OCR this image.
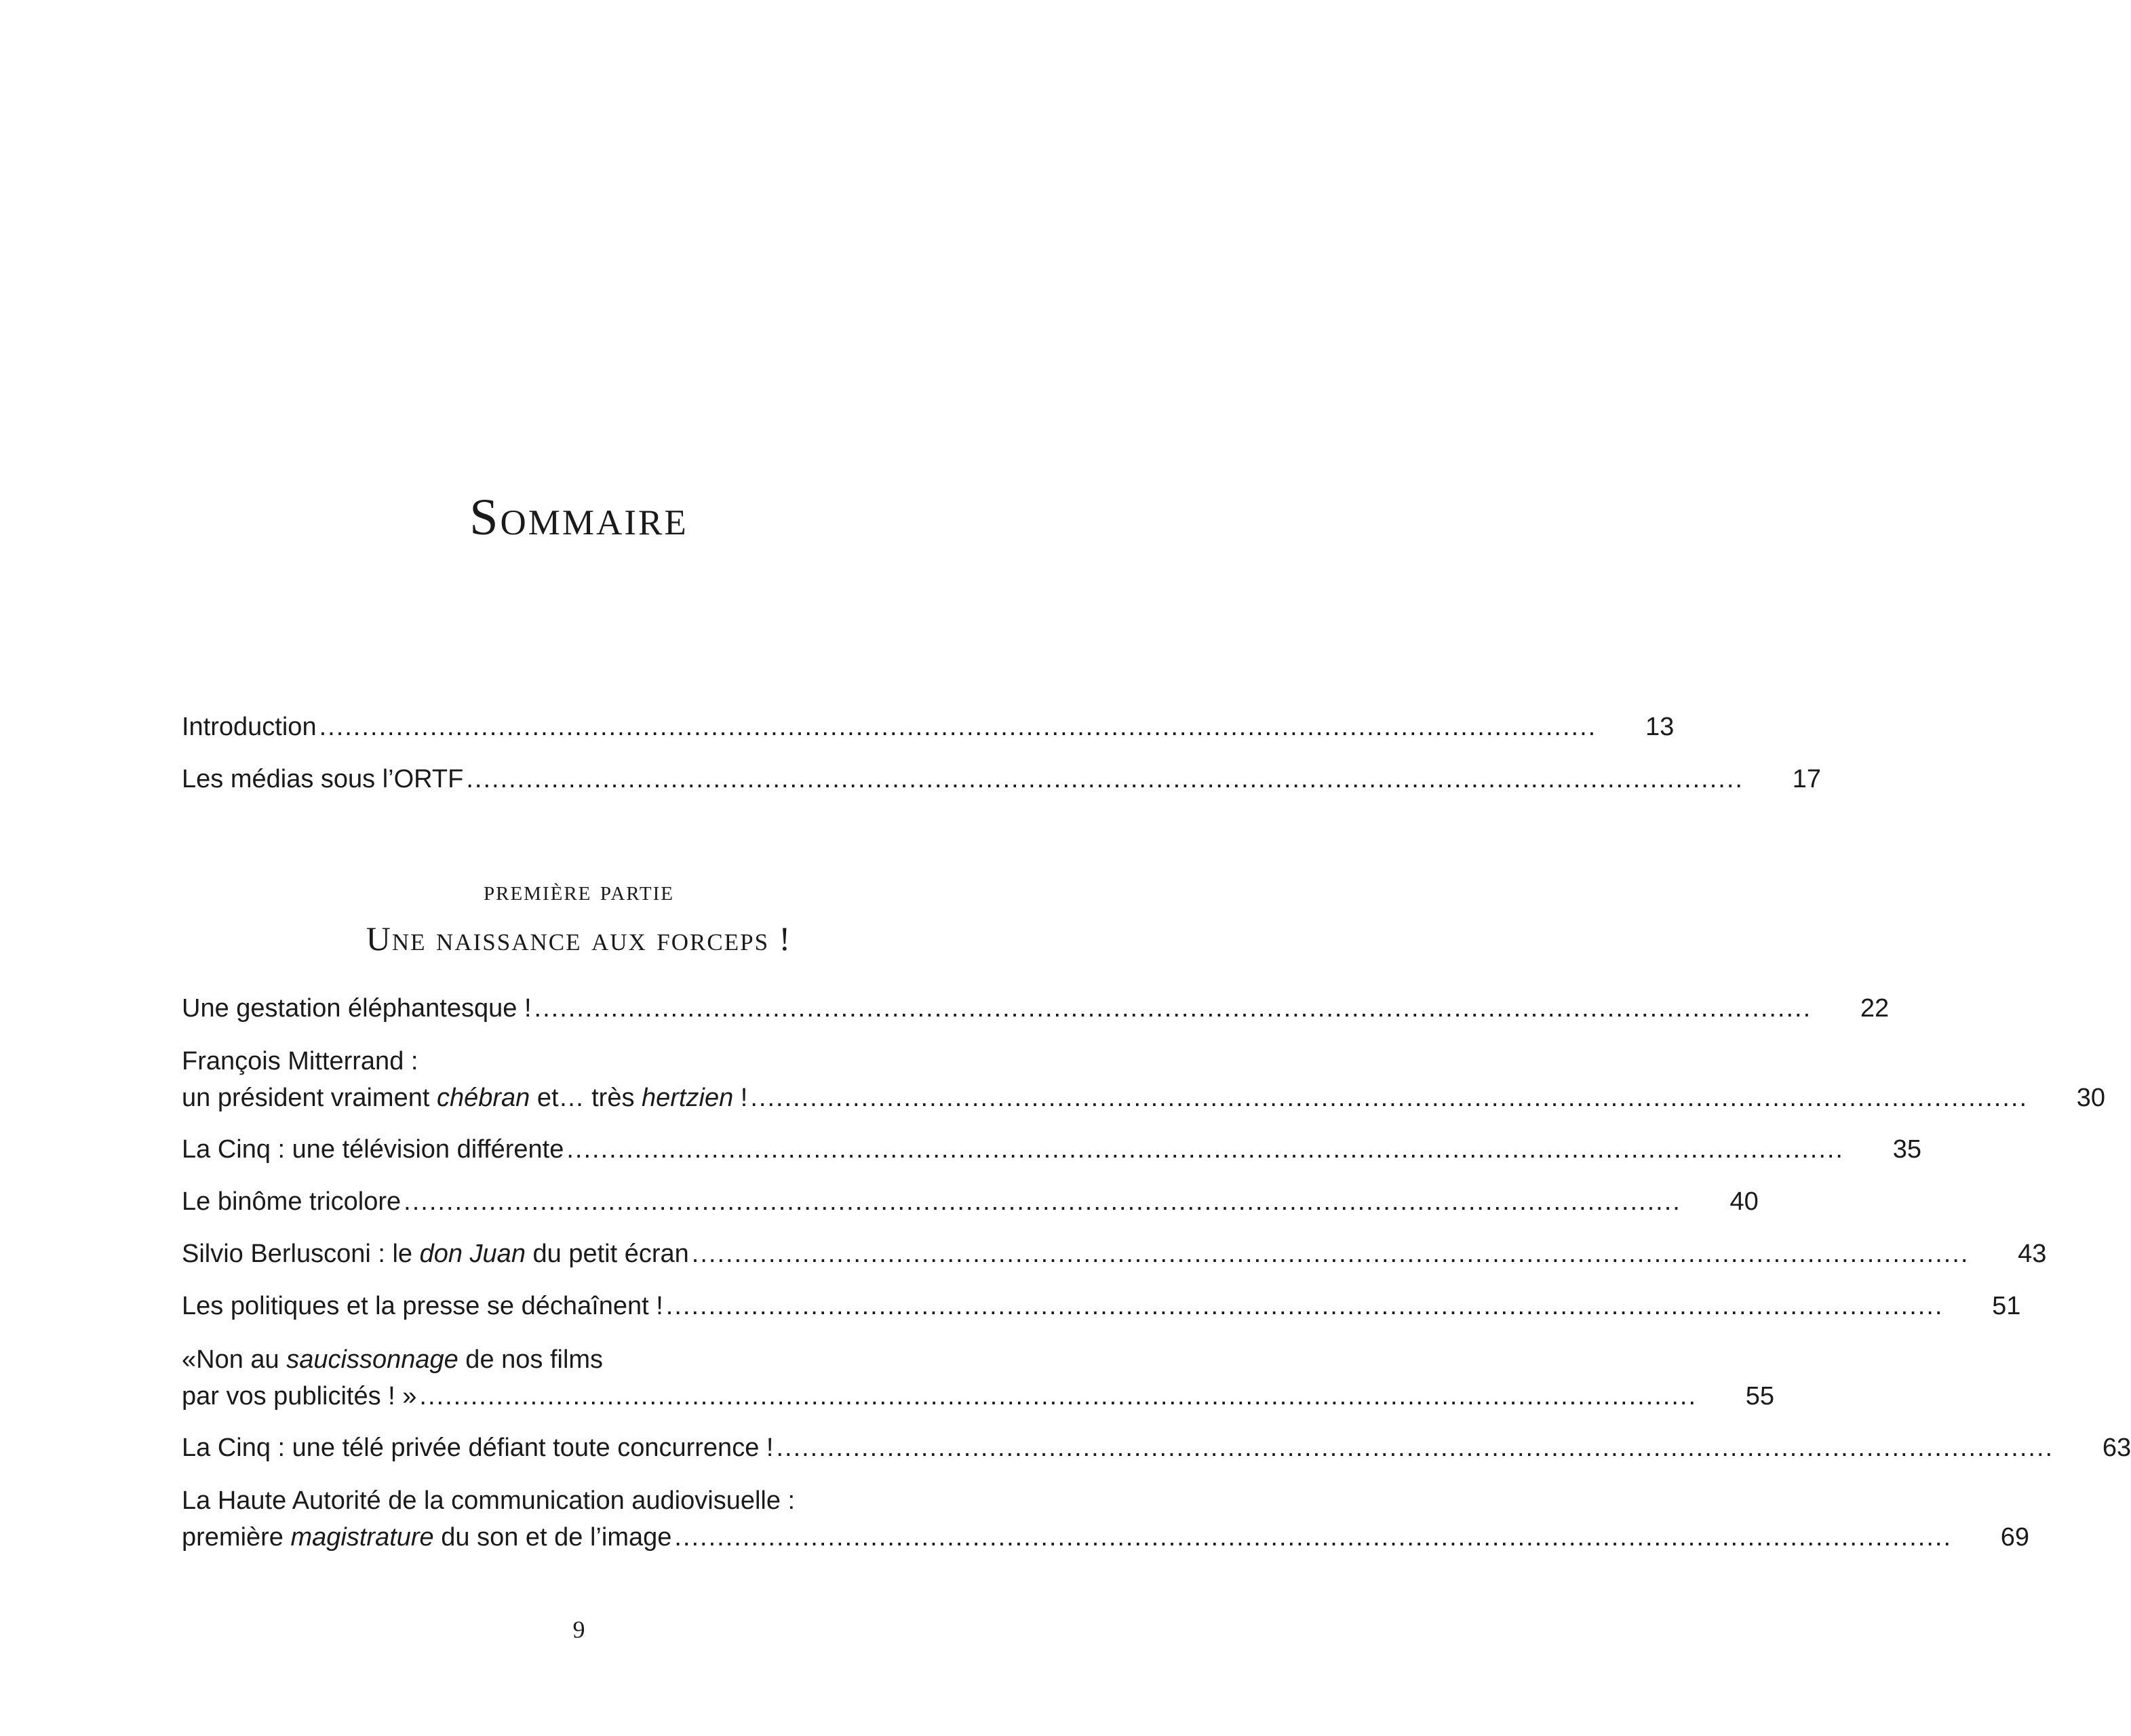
Sommaire
Introduction ......................................................................................................................................................	13
Les médias sous l’ORTF ......................................................................................................................................................	17
Une gestation éléphantesque ! ......................................................................................................................................................	22
François Mitterrand :
un président vraiment chébran et… très hertzien ! ......................................................................................................................................................	30
La Cinq : une télévision différente ......................................................................................................................................................	35
Le binôme tricolore ......................................................................................................................................................	40
Silvio Berlusconi : le don Juan du petit écran ......................................................................................................................................................	43
Les politiques et la presse se déchaînent ! ......................................................................................................................................................	51
«Non au saucissonnage de nos films
par vos publicités ! » ......................................................................................................................................................	55
La Cinq : une télé privée défiant toute concurrence ! ......................................................................................................................................................	63
La Haute Autorité de la communication audiovisuelle :
première magistrature du son et de l’image ......................................................................................................................................................	69
première partie
Une naissance aux forceps !
9
